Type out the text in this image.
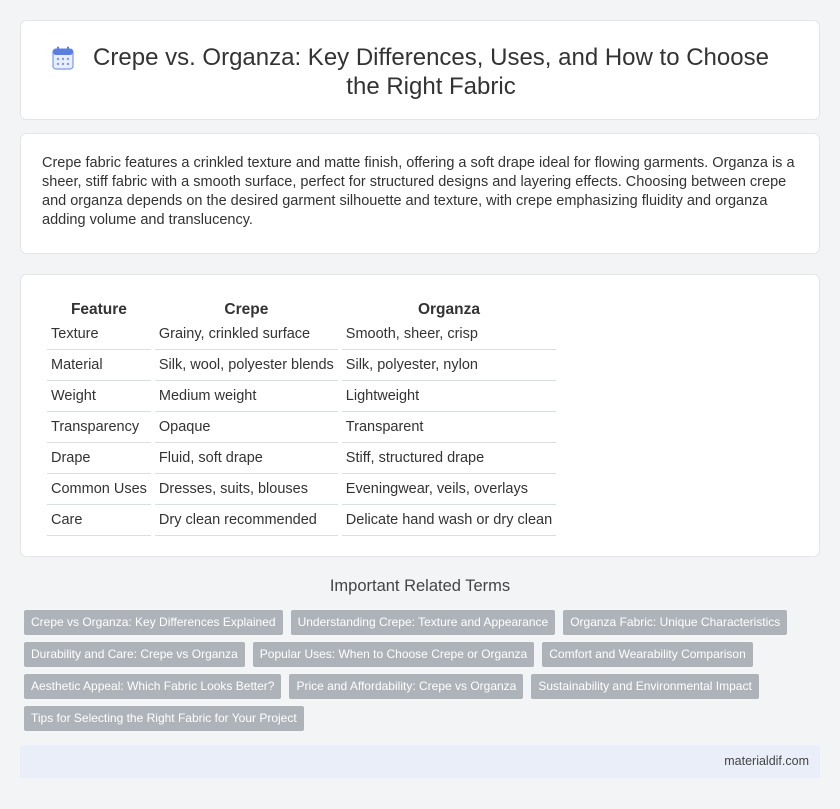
Crepe vs. Organza: Key Differences, Uses, and How to Choose the Right Fabric

Crepe fabric features a crinkled texture and matte finish, offering a soft drape ideal for flowing garments. Organza is a sheer, stiff fabric with a smooth surface, perfect for structured designs and layering effects. Choosing between crepe and organza depends on the desired garment silhouette and texture, with crepe emphasizing fluidity and organza adding volume and translucency.

Feature	Crepe	Organza
Texture	Grainy, crinkled surface	Smooth, sheer, crisp
Material	Silk, wool, polyester blends	Silk, polyester, nylon
Weight	Medium weight	Lightweight
Transparency	Opaque	Transparent
Drape	Fluid, soft drape	Stiff, structured drape
Common Uses	Dresses, suits, blouses	Eveningwear, veils, overlays
Care	Dry clean recommended	Delicate hand wash or dry clean
Important Related Terms
Crepe vs Organza: Key Differences Explained	Understanding Crepe: Texture and Appearance	Organza Fabric: Unique Characteristics
Durability and Care: Crepe vs Organza	Popular Uses: When to Choose Crepe or Organza	Comfort and Wearability Comparison
Aesthetic Appeal: Which Fabric Looks Better?	Price and Affordability: Crepe vs Organza	Sustainability and Environmental Impact
Tips for Selecting the Right Fabric for Your Project
materialdif.com
